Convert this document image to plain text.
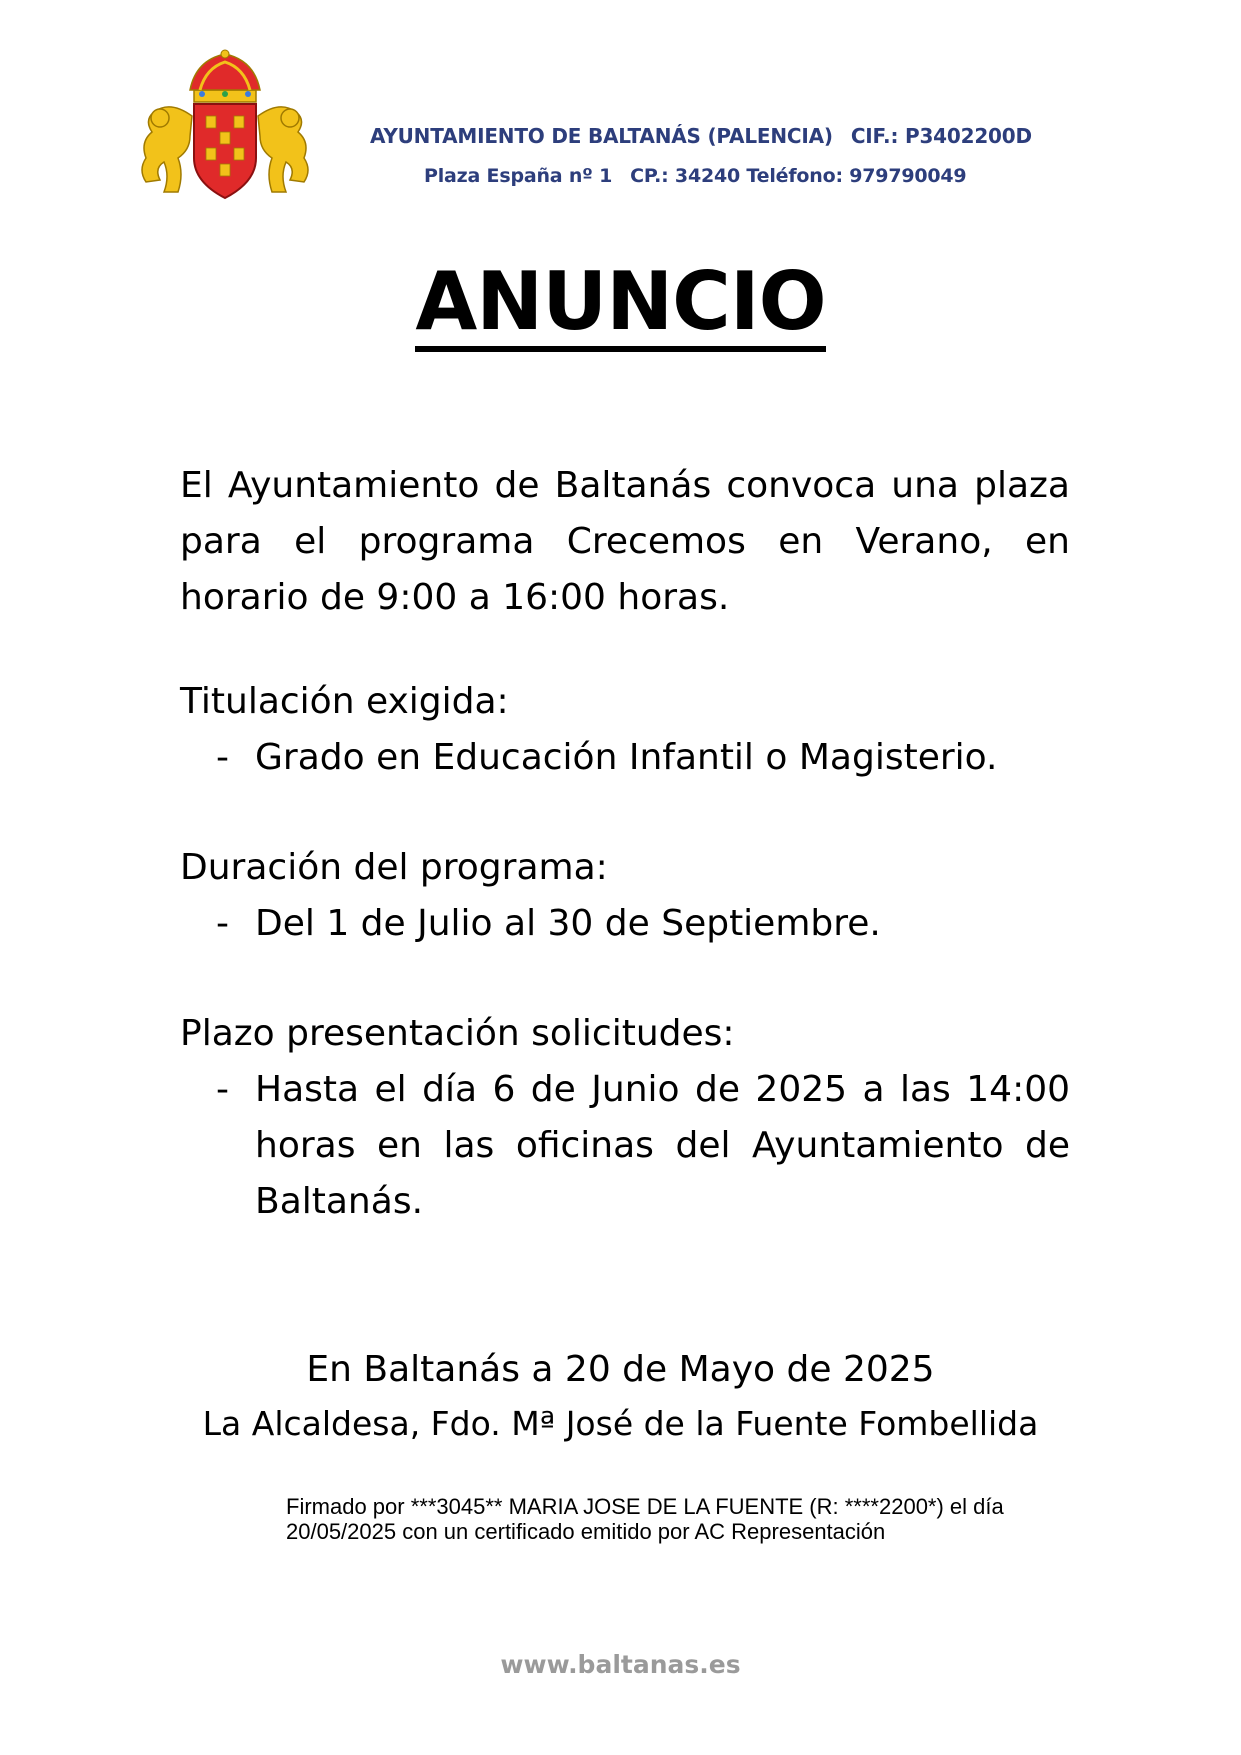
AYUNTAMIENTO DE BALTANÁS (PALENCIA) CIF.: P3402200D
Plaza España nº 1 CP.: 34240 Teléfono: 979790049
ANUNCIO
El Ayuntamiento de Baltanás convoca una plaza para el programa Crecemos en Verano, en horario de 9:00 a 16:00 horas.
Titulación exigida:
- Grado en Educación Infantil o Magisterio.
Duración del programa:
- Del 1 de Julio al 30 de Septiembre.
Plazo presentación solicitudes:
- Hasta el día 6 de Junio de 2025 a las 14:00 horas en las oficinas del Ayuntamiento de Baltanás.
En Baltanás a 20 de Mayo de 2025
La Alcaldesa, Fdo. Mª José de la Fuente Fombellida
Firmado por ***3045** MARIA JOSE DE LA FUENTE (R: ****2200*) el día 20/05/2025 con un certificado emitido por AC Representación
www.baltanas.es
